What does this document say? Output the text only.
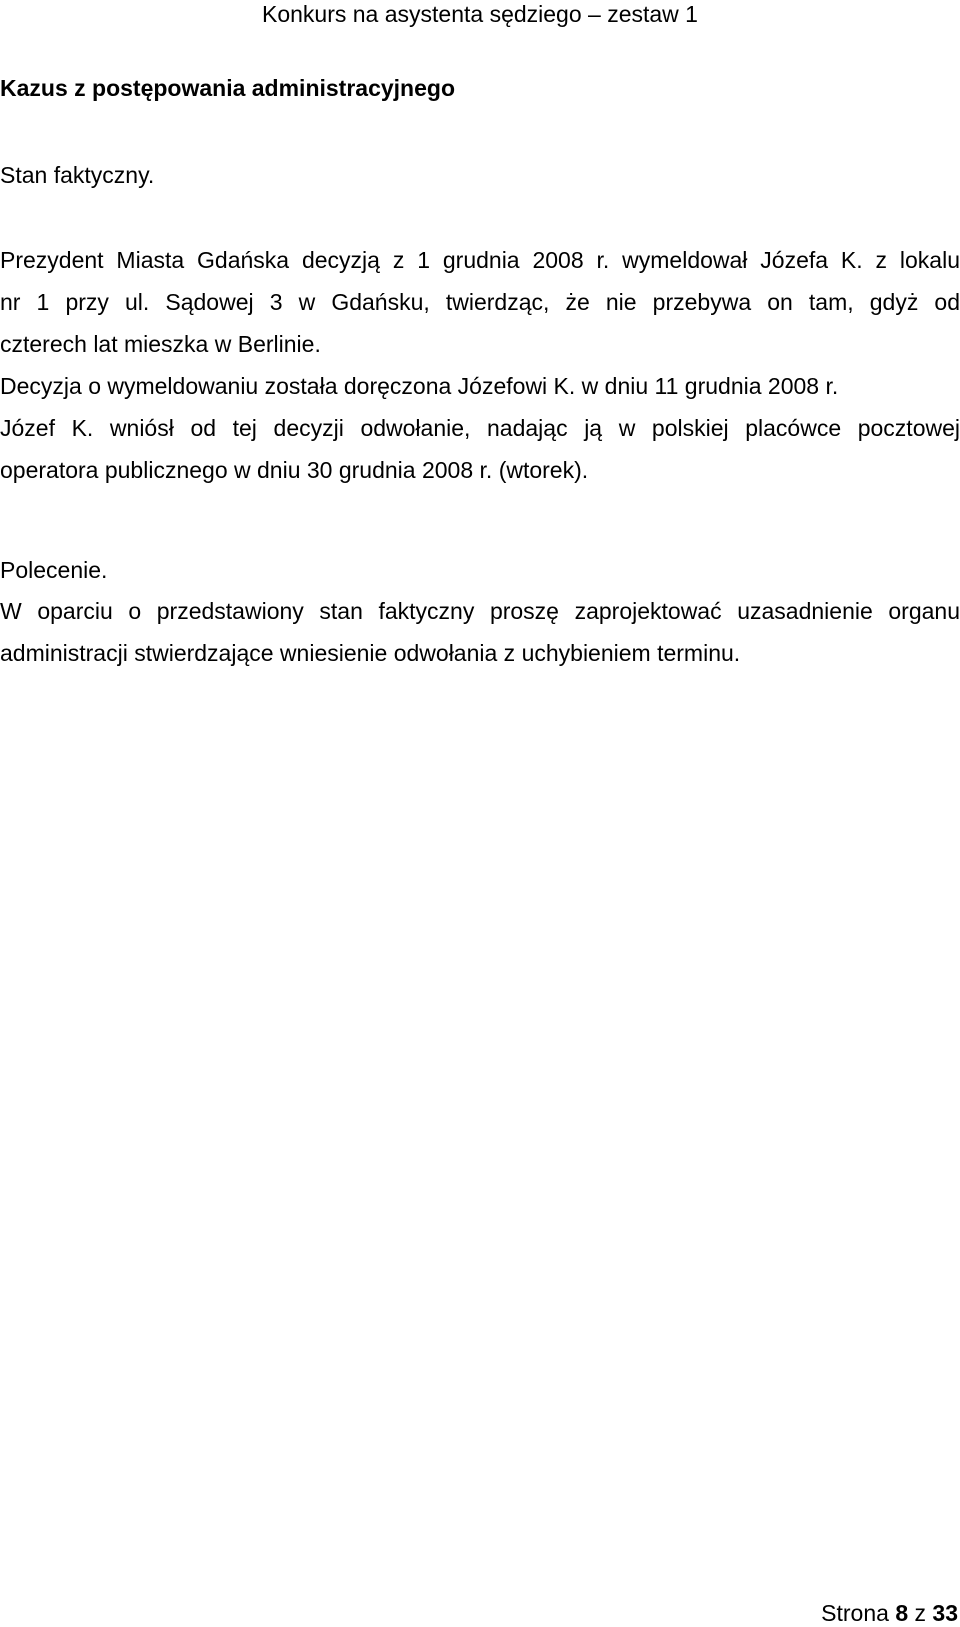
Konkurs na asystenta sędziego – zestaw 1
Kazus z postępowania administracyjnego
Stan faktyczny.
Prezydent Miasta Gdańska decyzją z 1 grudnia 2008 r. wymeldował Józefa K. z lokalu
nr 1 przy ul. Sądowej 3 w Gdańsku, twierdząc, że nie przebywa on tam, gdyż od
czterech lat mieszka w Berlinie.
Decyzja o wymeldowaniu została doręczona Józefowi K. w dniu 11 grudnia 2008 r.
Józef K. wniósł od tej decyzji odwołanie, nadając ją w polskiej placówce pocztowej
operatora publicznego w dniu 30 grudnia 2008 r. (wtorek).
Polecenie.
W oparciu o przedstawiony stan faktyczny proszę zaprojektować uzasadnienie organu
administracji stwierdzające wniesienie odwołania z uchybieniem terminu.
Strona 8 z 33
